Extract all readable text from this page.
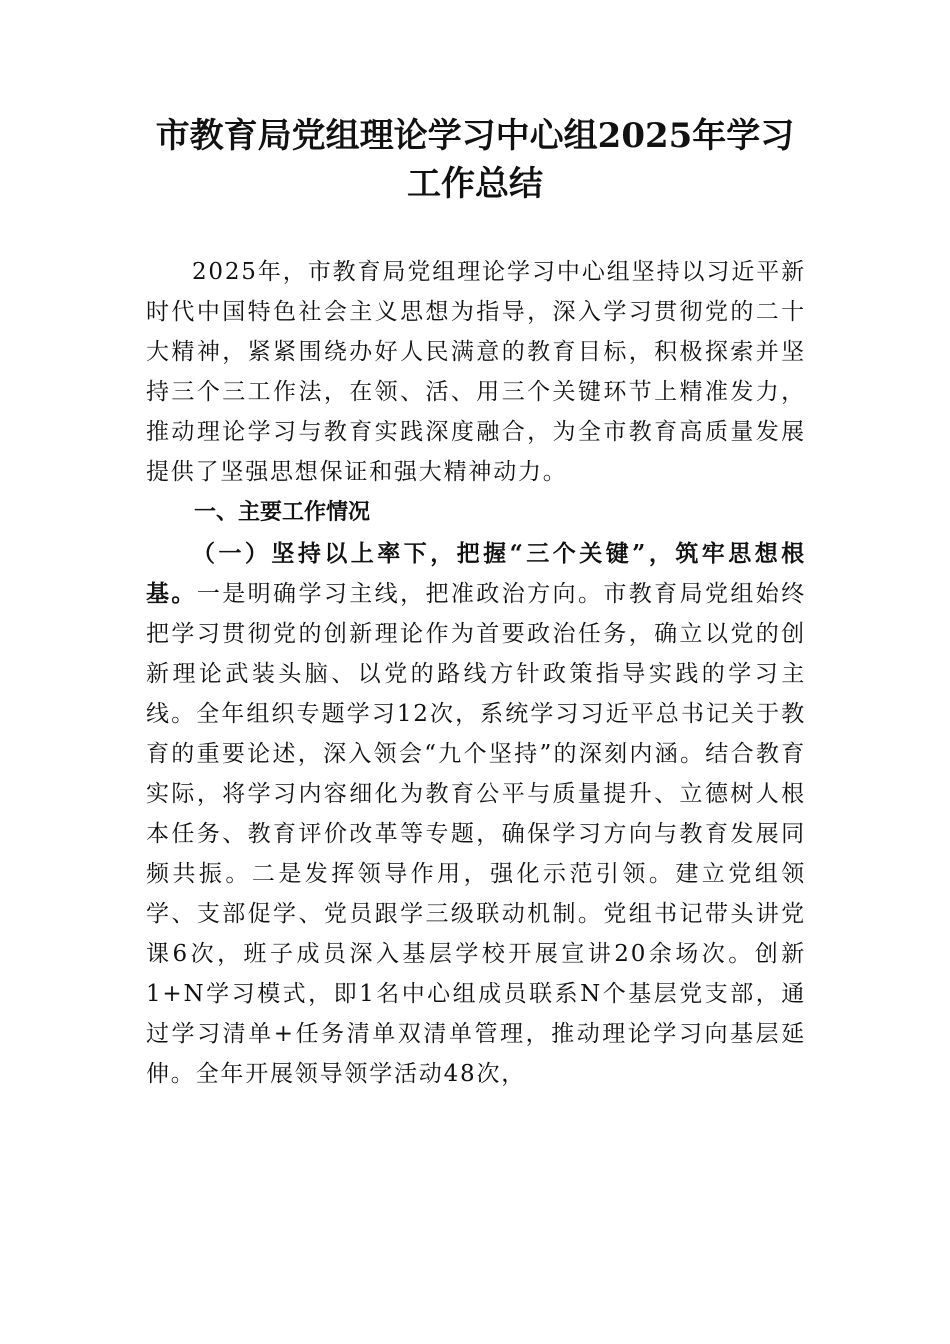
市教育局党组理论学习中心组2025年学习工作总结

2025年，市教育局党组理论学习中心组坚持以习近平新时代中国特色社会主义思想为指导，深入学习贯彻党的二十大精神，紧紧围绕办好人民满意的教育目标，积极探索并坚持三个三工作法，在领、活、用三个关键环节上精准发力，推动理论学习与教育实践深度融合，为全市教育高质量发展提供了坚强思想保证和强大精神动力。

一、主要工作情况

（一）坚持以上率下，把握“三个关键”，筑牢思想根基。一是明确学习主线，把准政治方向。市教育局党组始终把学习贯彻党的创新理论作为首要政治任务，确立以党的创新理论武装头脑、以党的路线方针政策指导实践的学习主线。全年组织专题学习12次，系统学习习近平总书记关于教育的重要论述，深入领会“九个坚持”的深刻内涵。结合教育实际，将学习内容细化为教育公平与质量提升、立德树人根本任务、教育评价改革等专题，确保学习方向与教育发展同频共振。二是发挥领导作用，强化示范引领。建立党组领学、支部促学、党员跟学三级联动机制。党组书记带头讲党课6次，班子成员深入基层学校开展宣讲20余场次。创新1+N学习模式，即1名中心组成员联系N个基层党支部，通过学习清单+任务清单双清单管理，推动理论学习向基层延伸。全年开展领导领学活动48次，
